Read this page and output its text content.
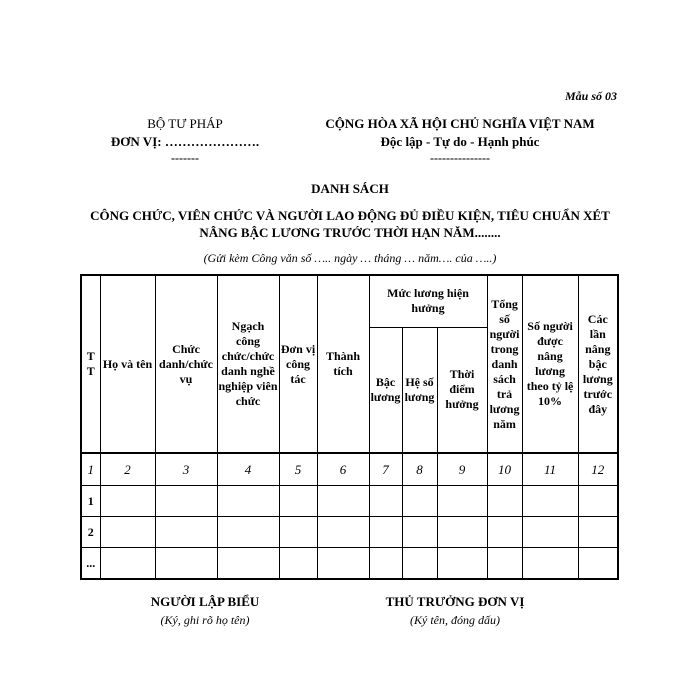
Mẫu số 03
BỘ TƯ PHÁP
ĐƠN VỊ: ………………….
-------
CỘNG HÒA XÃ HỘI CHỦ NGHĨA VIỆT NAM
Độc lập - Tự do - Hạnh phúc
---------------
DANH SÁCH
CÔNG CHỨC, VIÊN CHỨC VÀ NGƯỜI LAO ĐỘNG ĐỦ ĐIỀU KIỆN, TIÊU CHUẨN XÉT NÂNG BẬC LƯƠNG TRƯỚC THỜI HẠN NĂM........
(Gửi kèm Công văn số ….. ngày … tháng … năm…. của …..)
TT	Họ và tên	Chức danh/chức vụ	Ngạch công chức/chức danh nghề nghiệp viên chức	Đơn vị công tác	Thành tích	Mức lương hiện hưởng			Tổng số người trong danh sách trả lương năm	Số người được nâng lương theo tỷ lệ 10%	Các lần nâng bậc lương trước đây
						Bậc lương	Hệ số lương	Thời điểm hưởng			
1	2	3	4	5	6	7	8	9	10	11	12
1											
2											
...											
NGƯỜI LẬP BIỂU
(Ký, ghi rõ họ tên)
THỦ TRƯỞNG ĐƠN VỊ
(Ký tên, đóng dấu)
